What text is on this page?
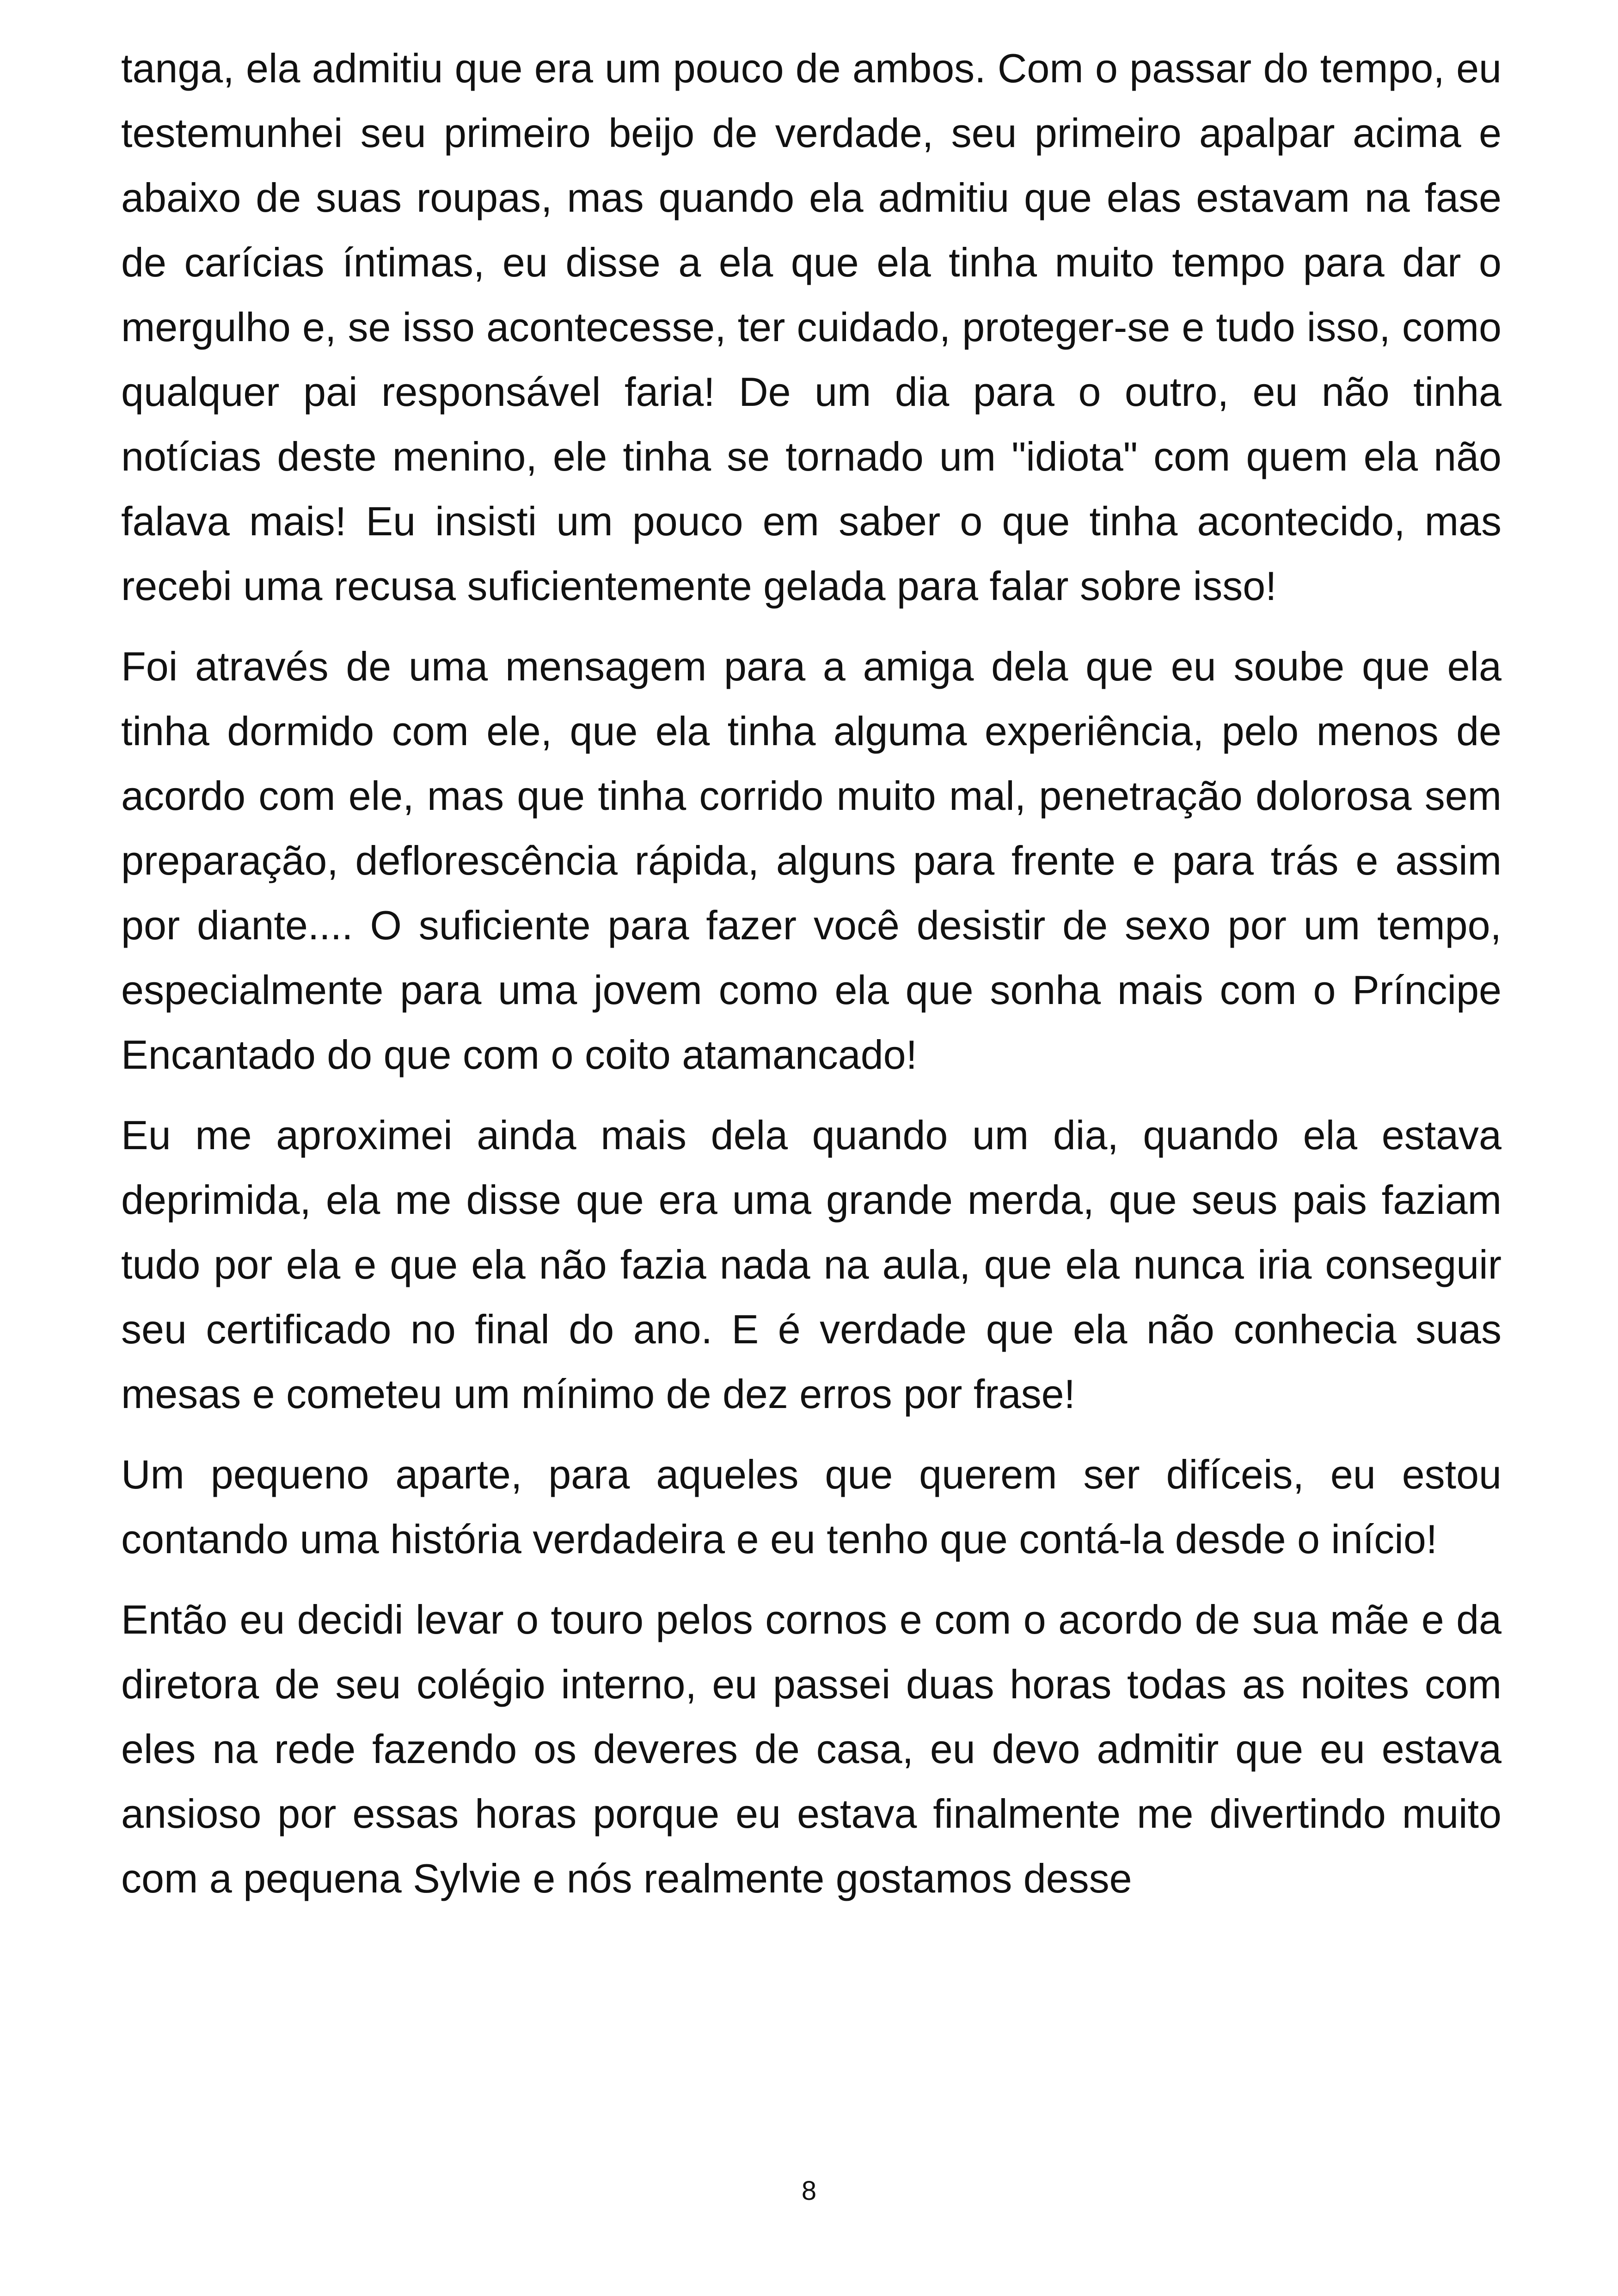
tanga, ela admitiu que era um pouco de ambos. Com o passar do tempo, eu testemunhei seu primeiro beijo de verdade, seu primeiro apalpar acima e abaixo de suas roupas, mas quando ela admitiu que elas estavam na fase de carícias íntimas, eu disse a ela que ela tinha muito tempo para dar o mergulho e, se isso acontecesse, ter cuidado, proteger-se e tudo isso, como qualquer pai responsável faria! De um dia para o outro, eu não tinha notícias deste menino, ele tinha se tornado um "idiota" com quem ela não falava mais! Eu insisti um pouco em saber o que tinha acontecido, mas recebi uma recusa suficientemente gelada para falar sobre isso!

Foi através de uma mensagem para a amiga dela que eu soube que ela tinha dormido com ele, que ela tinha alguma experiência, pelo menos de acordo com ele, mas que tinha corrido muito mal, penetração dolorosa sem preparação, deflorescência rápida, alguns para frente e para trás e assim por diante.... O suficiente para fazer você desistir de sexo por um tempo, especialmente para uma jovem como ela que sonha mais com o Príncipe Encantado do que com o coito atamancado!

Eu me aproximei ainda mais dela quando um dia, quando ela estava deprimida, ela me disse que era uma grande merda, que seus pais faziam tudo por ela e que ela não fazia nada na aula, que ela nunca iria conseguir seu certificado no final do ano. E é verdade que ela não conhecia suas mesas e cometeu um mínimo de dez erros por frase!

Um pequeno aparte, para aqueles que querem ser difíceis, eu estou contando uma história verdadeira e eu tenho que contá-la desde o início!

Então eu decidi levar o touro pelos cornos e com o acordo de sua mãe e da diretora de seu colégio interno, eu passei duas horas todas as noites com eles na rede fazendo os deveres de casa, eu devo admitir que eu estava ansioso por essas horas porque eu estava finalmente me divertindo muito com a pequena Sylvie e nós realmente gostamos desse

8
